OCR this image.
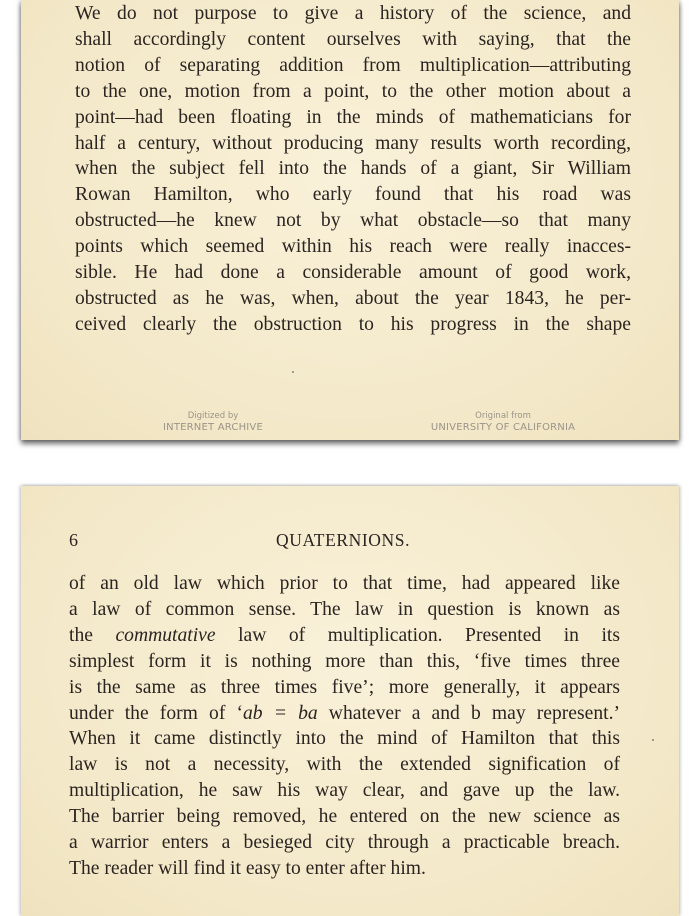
We do not purpose to give a history of the science, and
shall accordingly content ourselves with saying, that the
notion of separating addition from multiplication—attributing
to the one, motion from a point, to the other motion about a
point—had been floating in the minds of mathematicians for
half a century, without producing many results worth recording,
when the subject fell into the hands of a giant, Sir William
Rowan Hamilton, who early found that his road was
obstructed—he knew not by what obstacle—so that many
points which seemed within his reach were really inacces-
sible. He had done a considerable amount of good work,
obstructed as he was, when, about the year 1843, he per-
ceived clearly the obstruction to his progress in the shape
Digitized by
INTERNET ARCHIVE
Original from
UNIVERSITY OF CALIFORNIA
6	QUATERNIONS.
of an old law which prior to that time, had appeared like
a law of common sense. The law in question is known as
the commutative law of multiplication. Presented in its
simplest form it is nothing more than this, ‘five times three
is the same as three times five’; more generally, it appears
under the form of ‘ab = ba whatever a and b may represent.’
When it came distinctly into the mind of Hamilton that this
law is not a necessity, with the extended signification of
multiplication, he saw his way clear, and gave up the law.
The barrier being removed, he entered on the new science as
a warrior enters a besieged city through a practicable breach.
The reader will find it easy to enter after him.
